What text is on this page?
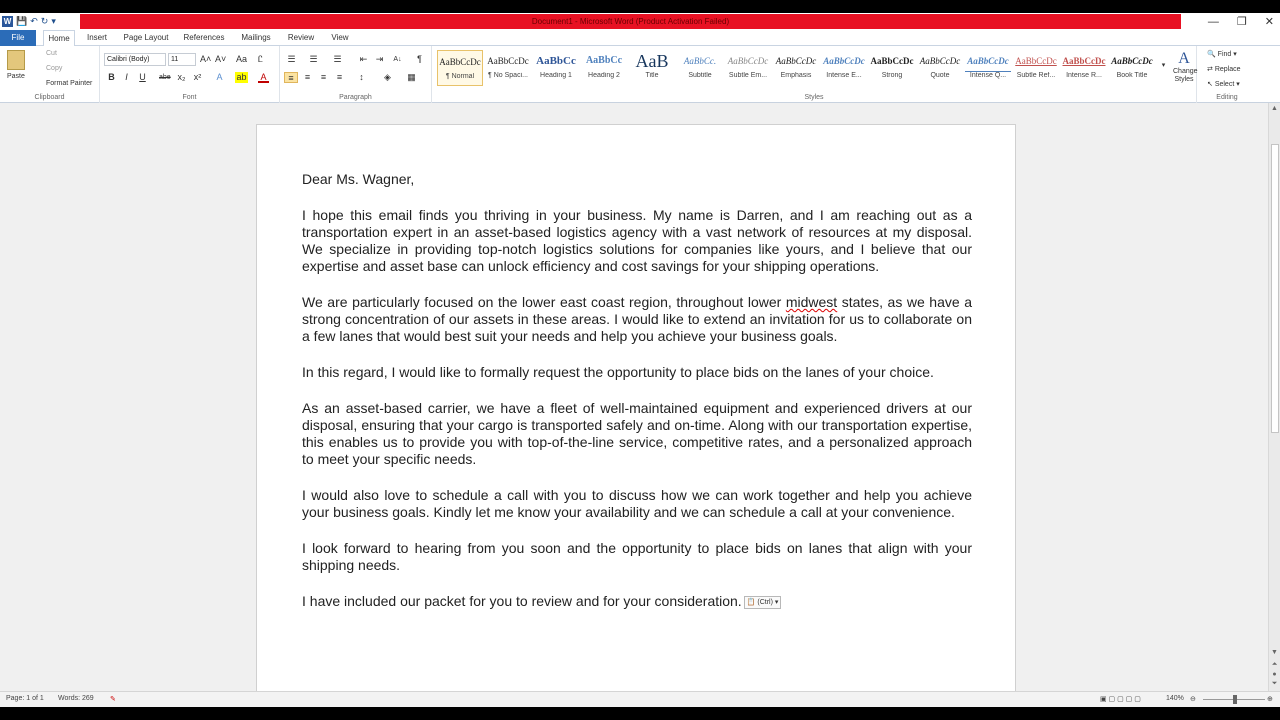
W 💾 ↶ ↻ ▾	Document1 - Microsoft Word (Product Activation Failed)	— ❐ ✕
File	Home	Insert	Page Layout	References	Mailings	Review	View
Paste
Cut
Copy
Format Painter
Clipboard
Calibri (Body)	11	A˄ A˅ Aa	Ꮭ
B	I	U	abe x₂ x² A ab A
Font
☰ ☰ ☰ ⇤ ⇥ A↓	¶
≡	≡	≡	≡	↕	◈ ▦
Paragraph
AaBbCcDc
¶ Normal
AaBbCcDc
¶ No Spaci...
AaBbCc
Heading 1
AaBbCc
Heading 2
AaB
Title
AaBbCc.
Subtitle
AaBbCcDc
Subtle Em...
AaBbCcDc
Emphasis
AaBbCcDc
Intense E...
AaBbCcDc
Strong
AaBbCcDc
Quote
AaBbCcDc
Intense Q...
AaBbCcDc
Subtle Ref...
AaBbCcDc
Intense R...
AaBbCcDc
Book Title
▾ A
Change Styles
Styles
🔍 Find ▾
⇄ Replace
↖ Select ▾
Editing

Dear Ms. Wagner,

I hope this email finds you thriving in your business. My name is Darren, and I am reaching out as a transportation expert in an asset-based logistics agency with a vast network of resources at my disposal. We specialize in providing top-notch logistics solutions for companies like yours, and I believe that our expertise and asset base can unlock efficiency and cost savings for your shipping operations.

We are particularly focused on the lower east coast region, throughout lower midwest states, as we have a strong concentration of our assets in these areas. I would like to extend an invitation for us to collaborate on a few lanes that would best suit your needs and help you achieve your business goals.

In this regard, I would like to formally request the opportunity to place bids on the lanes of your choice.

As an asset-based carrier, we have a fleet of well-maintained equipment and experienced drivers at our disposal, ensuring that your cargo is transported safely and on-time. Along with our transportation expertise, this enables us to provide you with top-of-the-line service, competitive rates, and a personalized approach to meet your specific needs.

I would also love to schedule a call with you to discuss how we can work together and help you achieve your business goals. Kindly let me know your availability and we can schedule a call at your convenience.

I look forward to hearing from you soon and the opportunity to place bids on lanes that align with your shipping needs.

I have included our packet for you to review and for your consideration. 📋 (Ctrl) ▾

▲
▼
⏶
●
⏷
Page: 1 of 1 Words: 269 ✎	▣ ▢ ▢ ▢ ▢	140% ⊖	⊕
